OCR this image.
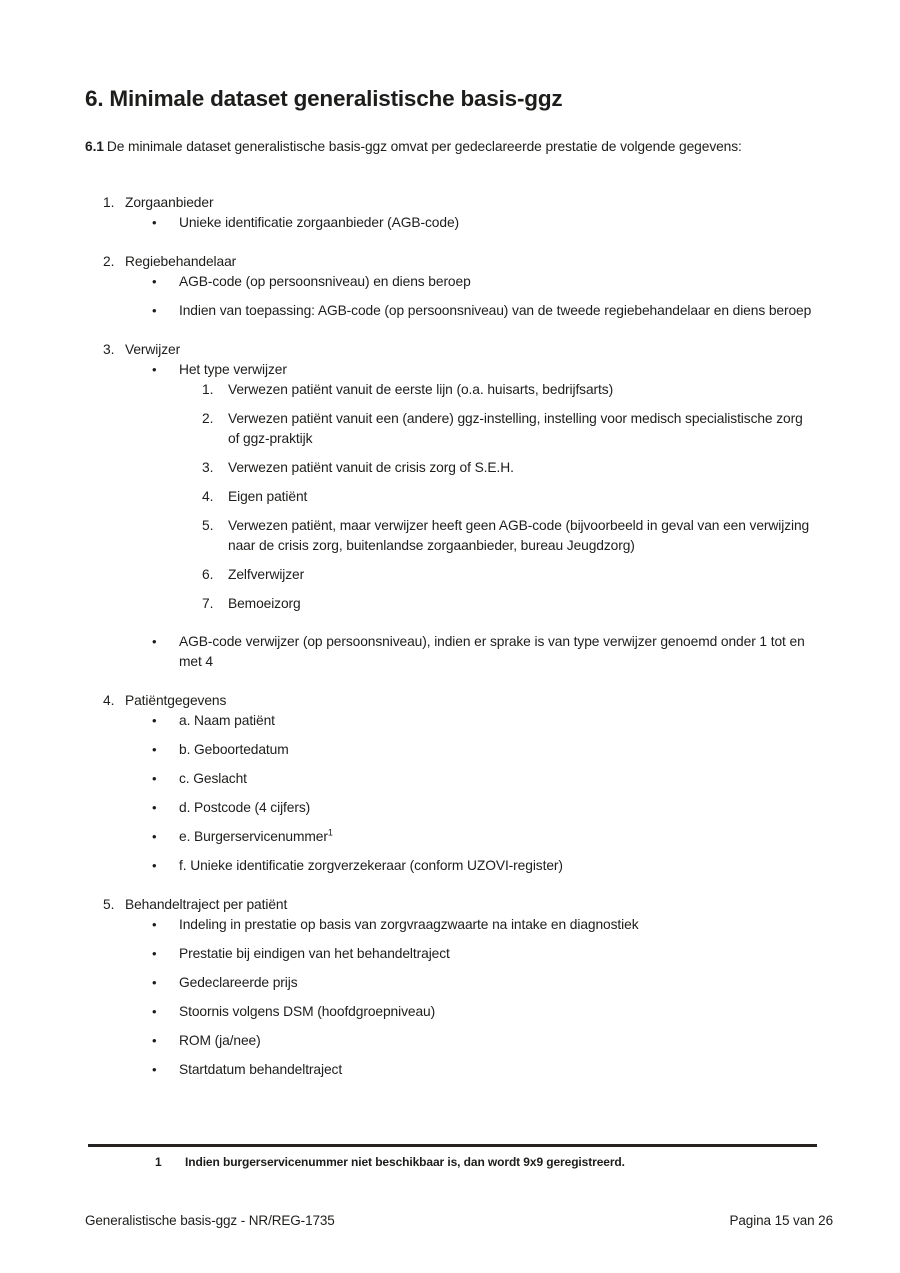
6. Minimale dataset generalistische basis-ggz

6.1 De minimale dataset generalistische basis-ggz omvat per gedeclareerde prestatie de volgende gegevens:

1. Zorgaanbieder
•
Unieke identificatie zorgaanbieder (AGB-code)
2. Regiebehandelaar
•
AGB-code (op persoonsniveau) en diens beroep
•
Indien van toepassing: AGB-code (op persoonsniveau) van de tweede regiebehandelaar en diens beroep
3. Verwijzer
•
Het type verwijzer
1.	Verwezen patiënt vanuit de eerste lijn (o.a. huisarts, bedrijfsarts)
2.	Verwezen patiënt vanuit een (andere) ggz-instelling, instelling voor medisch specialistische zorg of ggz-praktijk
3.	Verwezen patiënt vanuit de crisis zorg of S.E.H.
4.	Eigen patiënt
5.	Verwezen patiënt, maar verwijzer heeft geen AGB-code (bijvoorbeeld in geval van een verwijzing naar de crisis zorg, buitenlandse zorgaanbieder, bureau Jeugdzorg)
6.	Zelfverwijzer
7.	Bemoeizorg
•
AGB-code verwijzer (op persoonsniveau), indien er sprake is van type verwijzer genoemd onder 1 tot en met 4
4. Patiëntgegevens
•
a. Naam patiënt
•
b. Geboortedatum
•
c. Geslacht
•
d. Postcode (4 cijfers)
•
e. Burgerservicenummer$^1$
•
f. Unieke identificatie zorgverzekeraar (conform UZOVI-register)
5. Behandeltraject per patiënt
•
Indeling in prestatie op basis van zorgvraagzwaarte na intake en diagnostiek
•
Prestatie bij eindigen van het behandeltraject
•
Gedeclareerde prijs
•
Stoornis volgens DSM (hoofdgroepniveau)
•
ROM (ja/nee)
•
Startdatum behandeltraject
1	Indien burgerservicenummer niet beschikbaar is, dan wordt 9x9 geregistreerd.
Generalistische basis-ggz - NR/REG-1735	Pagina 15 van 26
